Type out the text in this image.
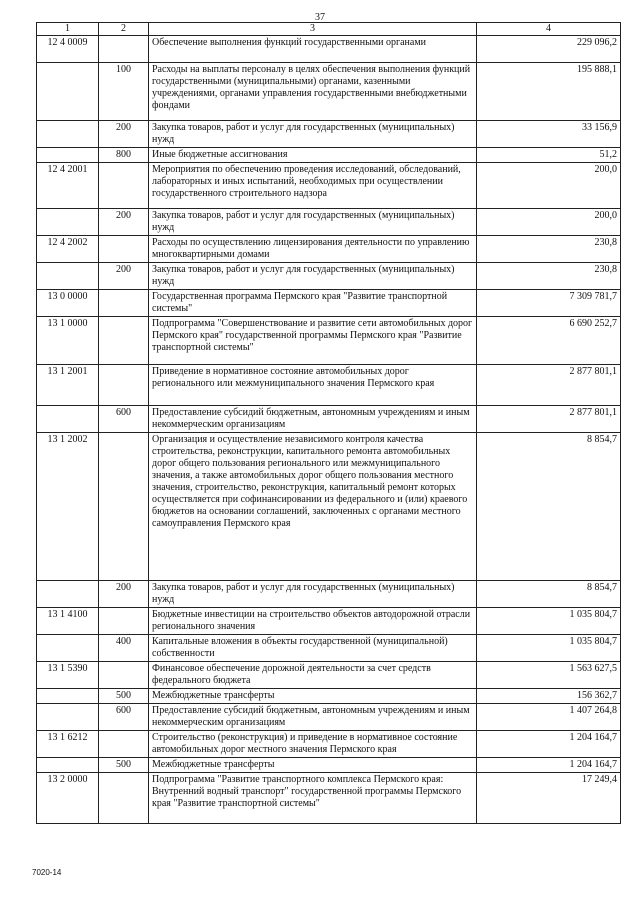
37
1	2	3	4
12 4 0009		Обеспечение выполнения функций государственными органами	229 096,2
	100	Расходы на выплаты персоналу в целях обеспечения выполнения функций государственными (муниципальными) органами, казенными учреждениями, органами управления государственными внебюджетными фондами	195 888,1
	200	Закупка товаров, работ и услуг для государственных (муниципальных) нужд	33 156,9
	800	Иные бюджетные ассигнования	51,2
12 4 2001		Мероприятия по обеспечению проведения исследований, обследований, лабораторных и иных испытаний, необходимых при осуществлении государственного строительного надзора	200,0
	200	Закупка товаров, работ и услуг для государственных (муниципальных) нужд	200,0
12 4 2002		Расходы по осуществлению лицензирования деятельности по управлению многоквартирными домами	230,8
	200	Закупка товаров, работ и услуг для государственных (муниципальных) нужд	230,8
13 0 0000		Государственная программа Пермского края "Развитие транспортной системы"	7 309 781,7
13 1 0000		Подпрограмма "Совершенствование и развитие сети автомобильных дорог Пермского края" государственной программы Пермского края "Развитие транспортной системы"	6 690 252,7
13 1 2001		Приведение в нормативное состояние автомобильных дорог регионального или межмуниципального значения Пермского края	2 877 801,1
	600	Предоставление субсидий бюджетным, автономным учреждениям и иным некоммерческим организациям	2 877 801,1
13 1 2002		Организация и осуществление независимого контроля качества строительства, реконструкции, капитального ремонта автомобильных дорог общего пользования регионального или межмуниципального значения, а также автомобильных дорог общего пользования местного значения, строительство, реконструкция, капитальный ремонт которых осуществляется при софинансировании из федерального и (или) краевого бюджетов на основании соглашений, заключенных с органами местного самоуправления Пермского края	8 854,7
	200	Закупка товаров, работ и услуг для государственных (муниципальных) нужд	8 854,7
13 1 4100		Бюджетные инвестиции на строительство объектов автодорожной отрасли регионального значения	1 035 804,7
	400	Капитальные вложения в объекты государственной (муниципальной) собственности	1 035 804,7
13 1 5390		Финансовое обеспечение дорожной деятельности за счет средств федерального бюджета	1 563 627,5
	500	Межбюджетные трансферты	156 362,7
	600	Предоставление субсидий бюджетным, автономным учреждениям и иным некоммерческим организациям	1 407 264,8
13 1 6212		Строительство (реконструкция) и приведение в нормативное состояние автомобильных дорог местного значения Пермского края	1 204 164,7
	500	Межбюджетные трансферты	1 204 164,7
13 2 0000		Подпрограмма "Развитие транспортного комплекса Пермского края: Внутренний водный транспорт" государственной программы Пермского края "Развитие транспортной системы"	17 249,4
7020-14
